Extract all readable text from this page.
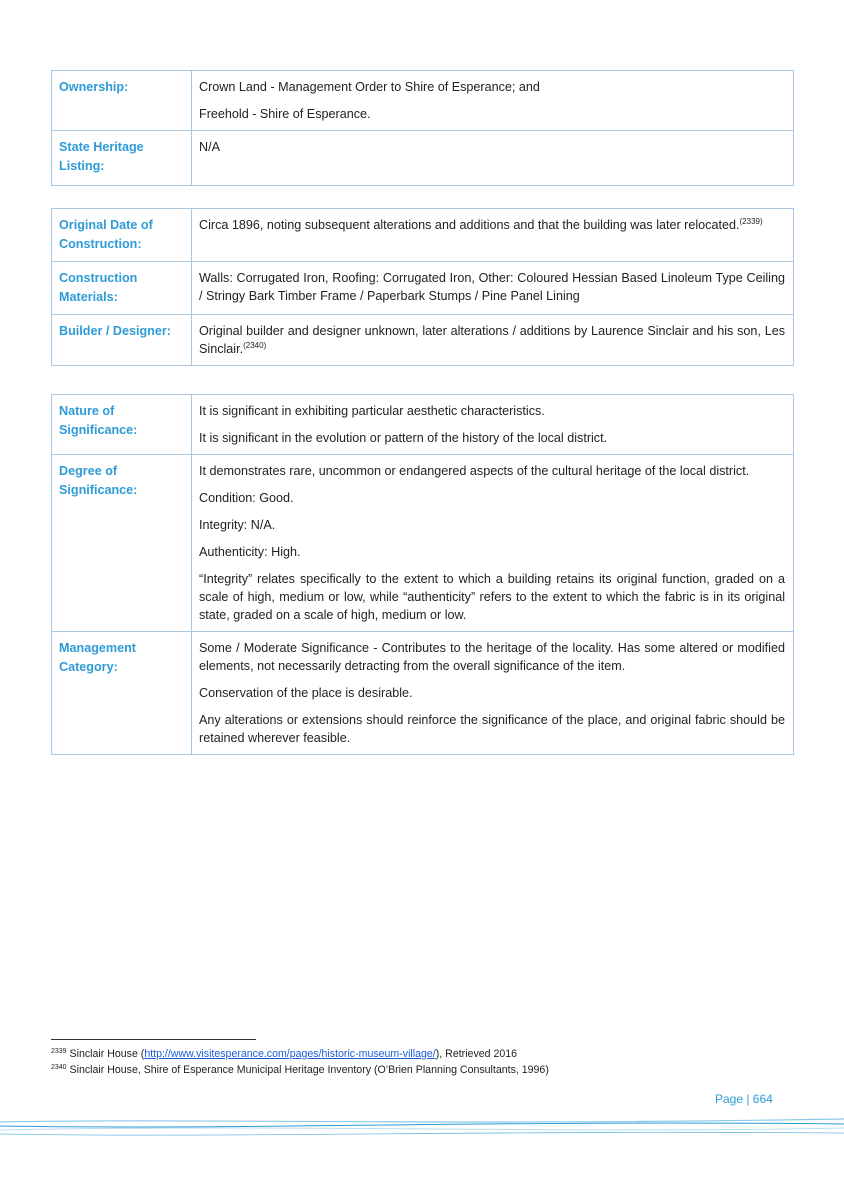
Ownership:	Crown Land - Management Order to Shire of Esperance; and

Freehold - Shire of Esperance.

State Heritage Listing:	N/A
Original Date of Construction:	Circa 1896, noting subsequent alterations and additions and that the building was later relocated.$^{(2339)}$

Construction Materials:	Walls: Corrugated Iron, Roofing: Corrugated Iron, Other: Coloured Hessian Based Linoleum Type Ceiling / Stringy Bark Timber Frame / Paperbark Stumps / Pine Panel Lining

Builder / Designer:	Original builder and designer unknown, later alterations / additions by Laurence Sinclair and his son, Les Sinclair.$^{(2340)}$

Nature of Significance:	It is significant in exhibiting particular aesthetic characteristics.

It is significant in the evolution or pattern of the history of the local district.

Degree of Significance:	It demonstrates rare, uncommon or endangered aspects of the cultural heritage of the local district.

Condition: Good.

Integrity: N/A.

Authenticity: High.

“Integrity” relates specifically to the extent to which a building retains its original function, graded on a scale of high, medium or low, while “authenticity” refers to the extent to which the fabric is in its original state, graded on a scale of high, medium or low.

Management Category:	Some / Moderate Significance - Contributes to the heritage of the locality. Has some altered or modified elements, not necessarily detracting from the overall significance of the item.

Conservation of the place is desirable.

Any alterations or extensions should reinforce the significance of the place, and original fabric should be retained wherever feasible.

$^{2339}$ Sinclair House (http://www.visitesperance.com/pages/historic-museum-village/), Retrieved 2016
$^{2340}$ Sinclair House, Shire of Esperance Municipal Heritage Inventory (O’Brien Planning Consultants, 1996)
Page | 664
